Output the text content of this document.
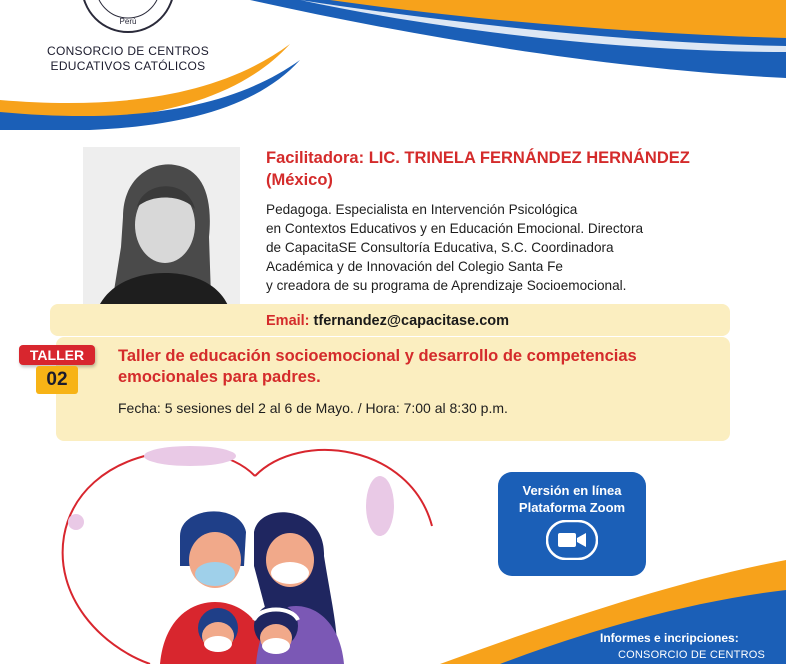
Perú
CONSORCIO DE CENTROS
EDUCATIVOS CATÓLICOS
Facilitadora: LIC. TRINELA FERNÁNDEZ HERNÁNDEZ (México)
Pedagoga. Especialista en Intervención Psicológica
en Contextos Educativos y en Educación Emocional. Directora
de CapacitaSE Consultoría Educativa, S.C. Coordinadora
Académica y de Innovación del Colegio Santa Fe
y creadora de su programa de Aprendizaje Socioemocional.
Email: tfernandez@capacitase.com
TALLER
02
Taller de educación socioemocional y desarrollo de competencias emocionales para padres.
Fecha: 5 sesiones del 2 al 6 de Mayo. / Hora: 7:00 al 8:30 p.m.
Versión en línea
Plataforma Zoom
Informes e incripciones:
CONSORCIO DE CENTROS
